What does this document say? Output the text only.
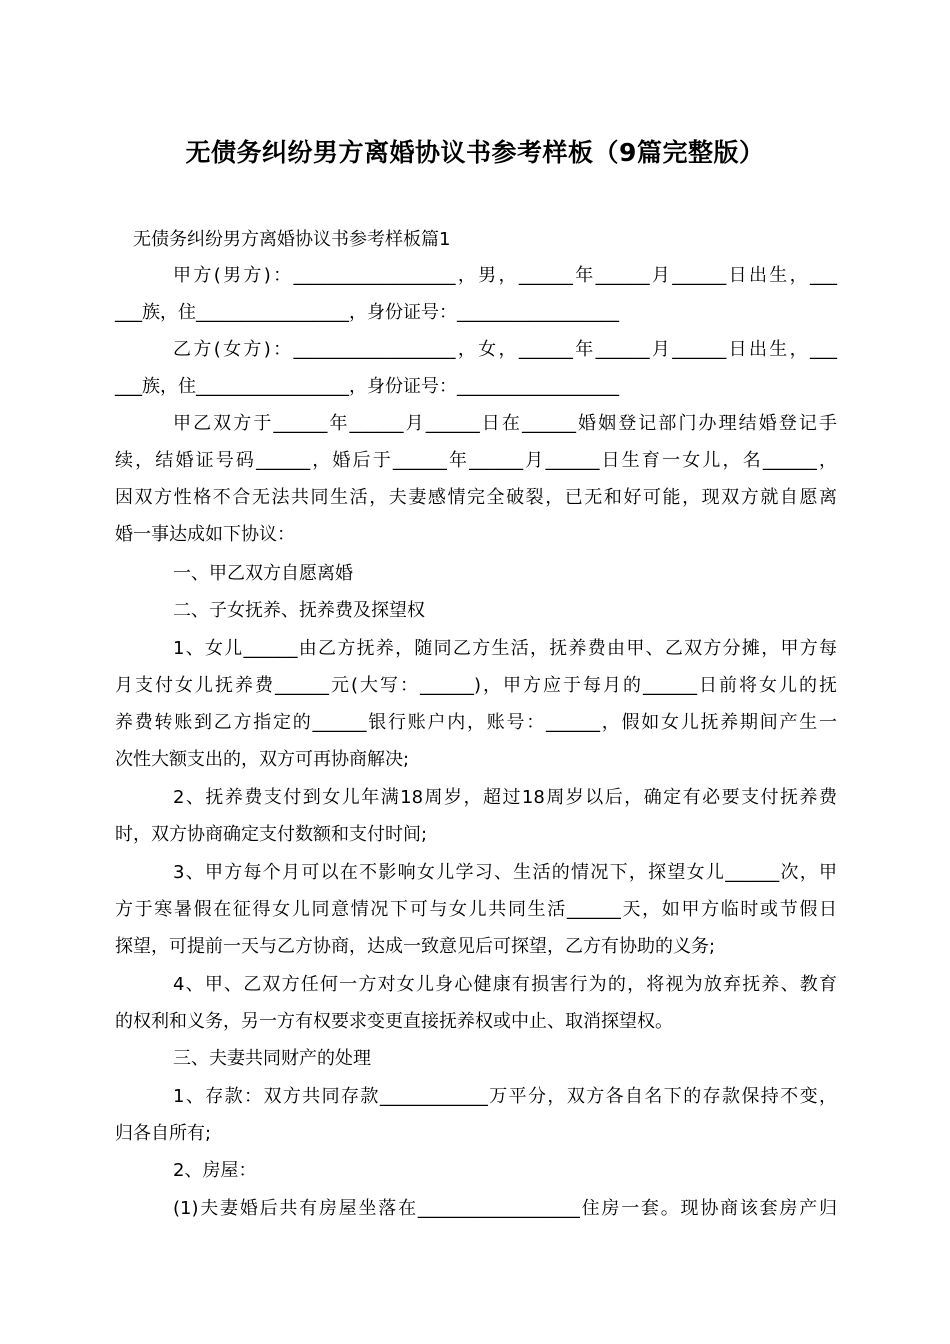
无债务纠纷男方离婚协议书参考样板（9篇完整版）
无债务纠纷男方离婚协议书参考样板篇1
甲方(男方)：__________________，男，______年______月______日出生，___
___族，住_________________，身份证号：__________________
乙方(女方)：__________________，女，______年______月______日出生，___
___族，住_________________，身份证号：__________________
甲乙双方于______年______月______日在______婚姻登记部门办理结婚登记手
续，结婚证号码______，婚后于______年______月______日生育一女儿，名______，
因双方性格不合无法共同生活，夫妻感情完全破裂，已无和好可能，现双方就自愿离
婚一事达成如下协议：
一、甲乙双方自愿离婚
二、子女抚养、抚养费及探望权
1、女儿______由乙方抚养，随同乙方生活，抚养费由甲、乙双方分摊，甲方每
月支付女儿抚养费______元(大写：______)，甲方应于每月的______日前将女儿的抚
养费转账到乙方指定的______银行账户内，账号：______，假如女儿抚养期间产生一
次性大额支出的，双方可再协商解决;
2、抚养费支付到女儿年满18周岁，超过18周岁以后，确定有必要支付抚养费
时，双方协商确定支付数额和支付时间;
3、甲方每个月可以在不影响女儿学习、生活的情况下，探望女儿______次，甲
方于寒暑假在征得女儿同意情况下可与女儿共同生活______天，如甲方临时或节假日
探望，可提前一天与乙方协商，达成一致意见后可探望，乙方有协助的义务;
4、甲、乙双方任何一方对女儿身心健康有损害行为的，将视为放弃抚养、教育
的权利和义务，另一方有权要求变更直接抚养权或中止、取消探望权。
三、夫妻共同财产的处理
1、存款：双方共同存款____________万平分，双方各自名下的存款保持不变，
归各自所有;
2、房屋：
(1)夫妻婚后共有房屋坐落在__________________住房一套。现协商该套房产归
